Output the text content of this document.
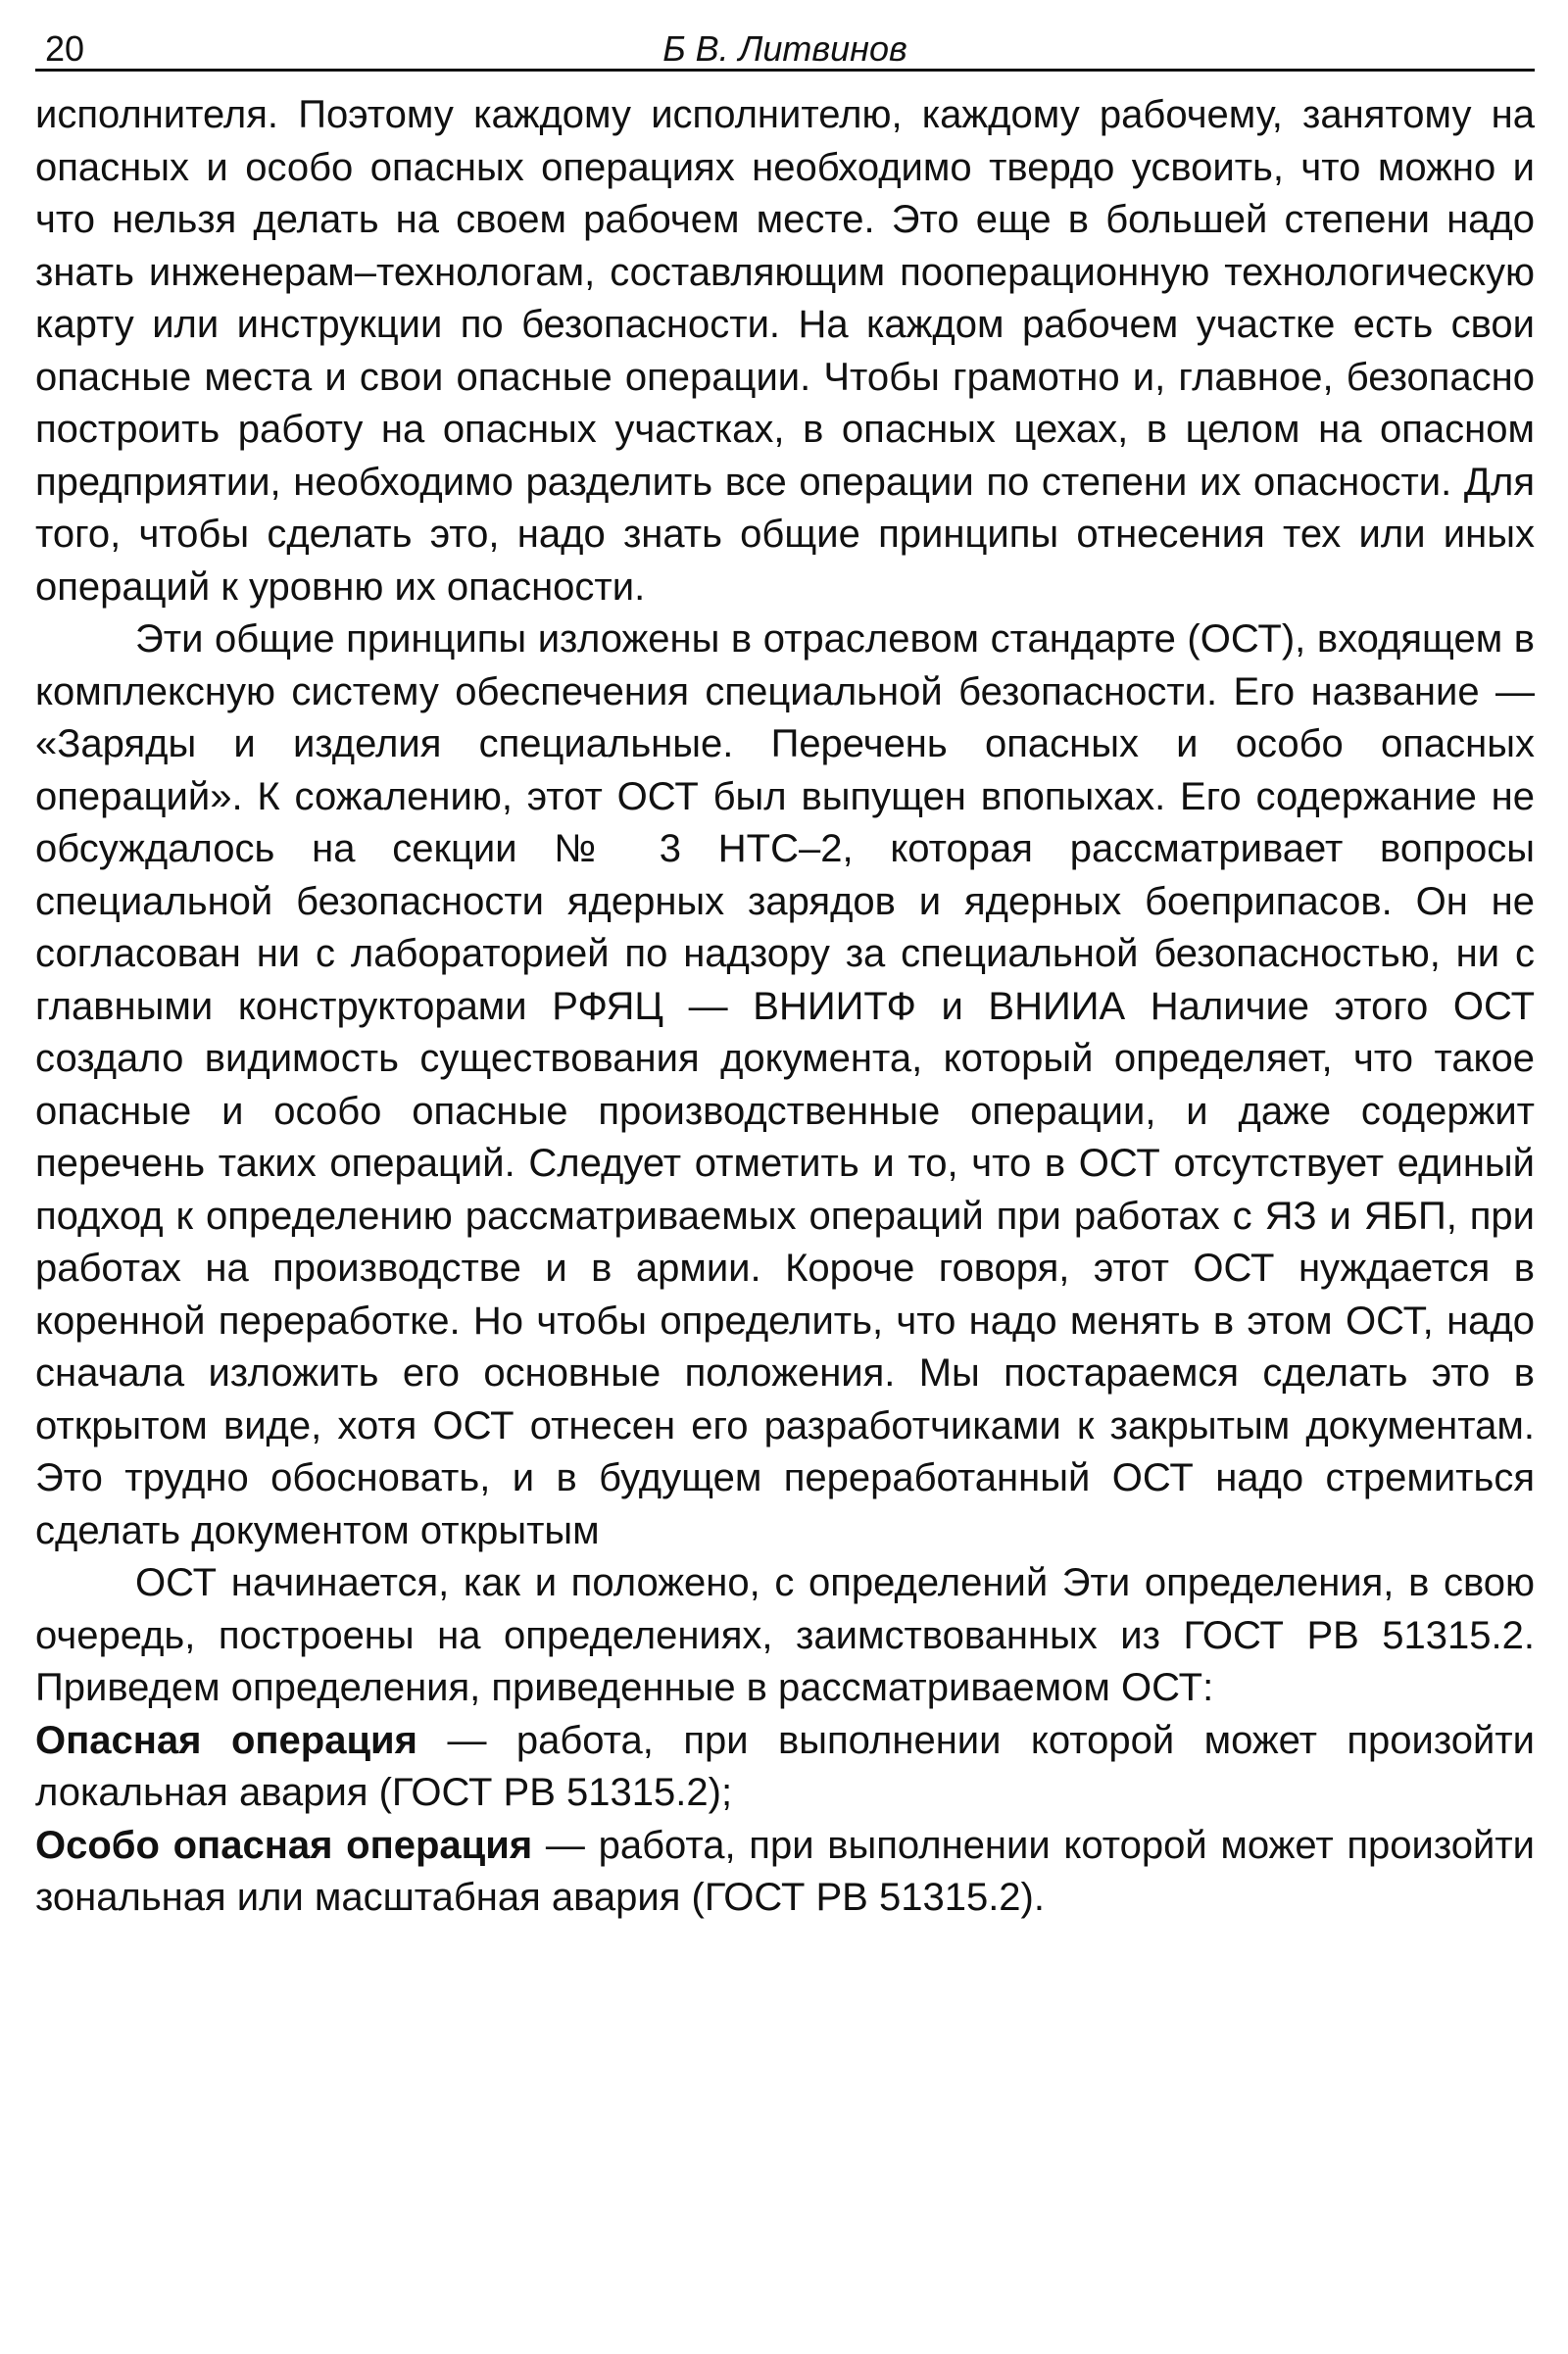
20	Б В. Литвинов

исполнителя. Поэтому каждому исполнителю, каждому рабочему, занятому на опасных и особо опасных операциях необходимо твердо усвоить, что можно и что нельзя делать на своем рабочем месте. Это еще в большей степени надо знать инженерам–технологам, составляющим пооперационную технологическую карту или инструкции по безопасности. На каждом рабочем участке есть свои опасные места и свои опасные операции. Чтобы грамотно и, главное, безопасно построить работу на опасных участках, в опасных цехах, в целом на опасном предприятии, необходимо разделить все операции по степени их опасности. Для того, чтобы сделать это, надо знать общие принципы отнесения тех или иных операций к уровню их опасности.

Эти общие принципы изложены в отраслевом стандарте (ОСТ), входящем в комплексную систему обеспечения специальной безопасности. Его название — «Заряды и изделия специальные. Перечень опасных и особо опасных операций». К сожалению, этот ОСТ был выпущен впопыхах. Его содержание не обсуждалось на секции № 3 НТС–2, которая рассматривает вопросы специальной безопасности ядерных зарядов и ядерных боеприпасов. Он не согласован ни с лабораторией по надзору за специальной безопасностью, ни с главными конструкторами РФЯЦ — ВНИИТФ и ВНИИА Наличие этого ОСТ создало видимость существования документа, который определяет, что такое опасные и особо опасные производственные операции, и даже содержит перечень таких операций. Следует отметить и то, что в ОСТ отсутствует единый подход к определению рассматриваемых операций при работах с ЯЗ и ЯБП, при работах на производстве и в армии. Короче говоря, этот ОСТ нуждается в коренной переработке. Но чтобы определить, что надо менять в этом ОСТ, надо сначала изложить его основные положения. Мы постараемся сделать это в открытом виде, хотя ОСТ отнесен его разработчиками к закрытым документам. Это трудно обосновать, и в будущем переработанный ОСТ надо стремиться сделать документом открытым

ОСТ начинается, как и положено, с определений Эти определения, в свою очередь, построены на определениях, заимствованных из ГОСТ РВ 51315.2. Приведем определения, приведенные в рассматриваемом ОСТ:

Опасная операция — работа, при выполнении которой может произойти локальная авария (ГОСТ РВ 51315.2);

Особо опасная операция — работа, при выполнении которой может произойти зональная или масштабная авария (ГОСТ РВ 51315.2).
